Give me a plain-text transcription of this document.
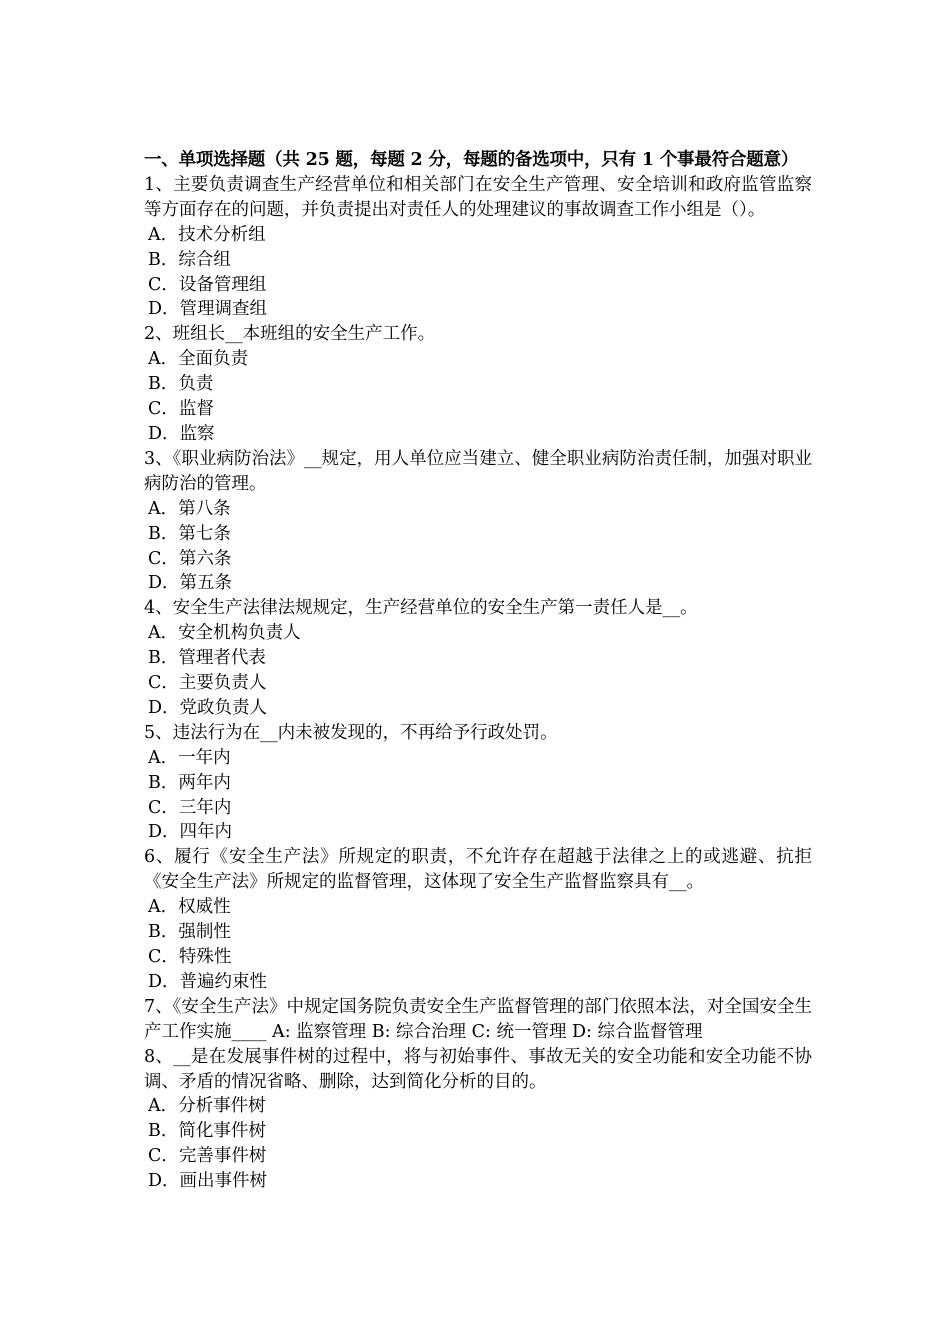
一、单项选择题（共 25 题，每题 2 分，每题的备选项中，只有 1 个事最符合题意）
1、主要负责调查生产经营单位和相关部门在安全生产管理、安全培训和政府监管监察等方面存在的问题，并负责提出对责任人的处理建议的事故调查工作小组是（）。
A．技术分析组
B．综合组
C．设备管理组
D．管理调查组
2、班组长__本班组的安全生产工作。
A．全面负责
B．负责
C．监督
D．监察
3、《职业病防治法》__规定，用人单位应当建立、健全职业病防治责任制，加强对职业病防治的管理。
A．第八条
B．第七条
C．第六条
D．第五条
4、安全生产法律法规规定，生产经营单位的安全生产第一责任人是__。
A．安全机构负责人
B．管理者代表
C．主要负责人
D．党政负责人
5、违法行为在__内未被发现的，不再给予行政处罚。
A．一年内
B．两年内
C．三年内
D．四年内
6、履行《安全生产法》所规定的职责，不允许存在超越于法律之上的或逃避、抗拒《安全生产法》所规定的监督管理，这体现了安全生产监督监察具有__。
A．权威性
B．强制性
C．特殊性
D．普遍约束性
7、《安全生产法》中规定国务院负责安全生产监督管理的部门依照本法，对全国安全生产工作实施____ A: 监察管理 B: 综合治理 C: 统一管理 D: 综合监督管理
8、__是在发展事件树的过程中，将与初始事件、事故无关的安全功能和安全功能不协调、矛盾的情况省略、删除，达到简化分析的目的。
A．分析事件树
B．简化事件树
C．完善事件树
D．画出事件树
